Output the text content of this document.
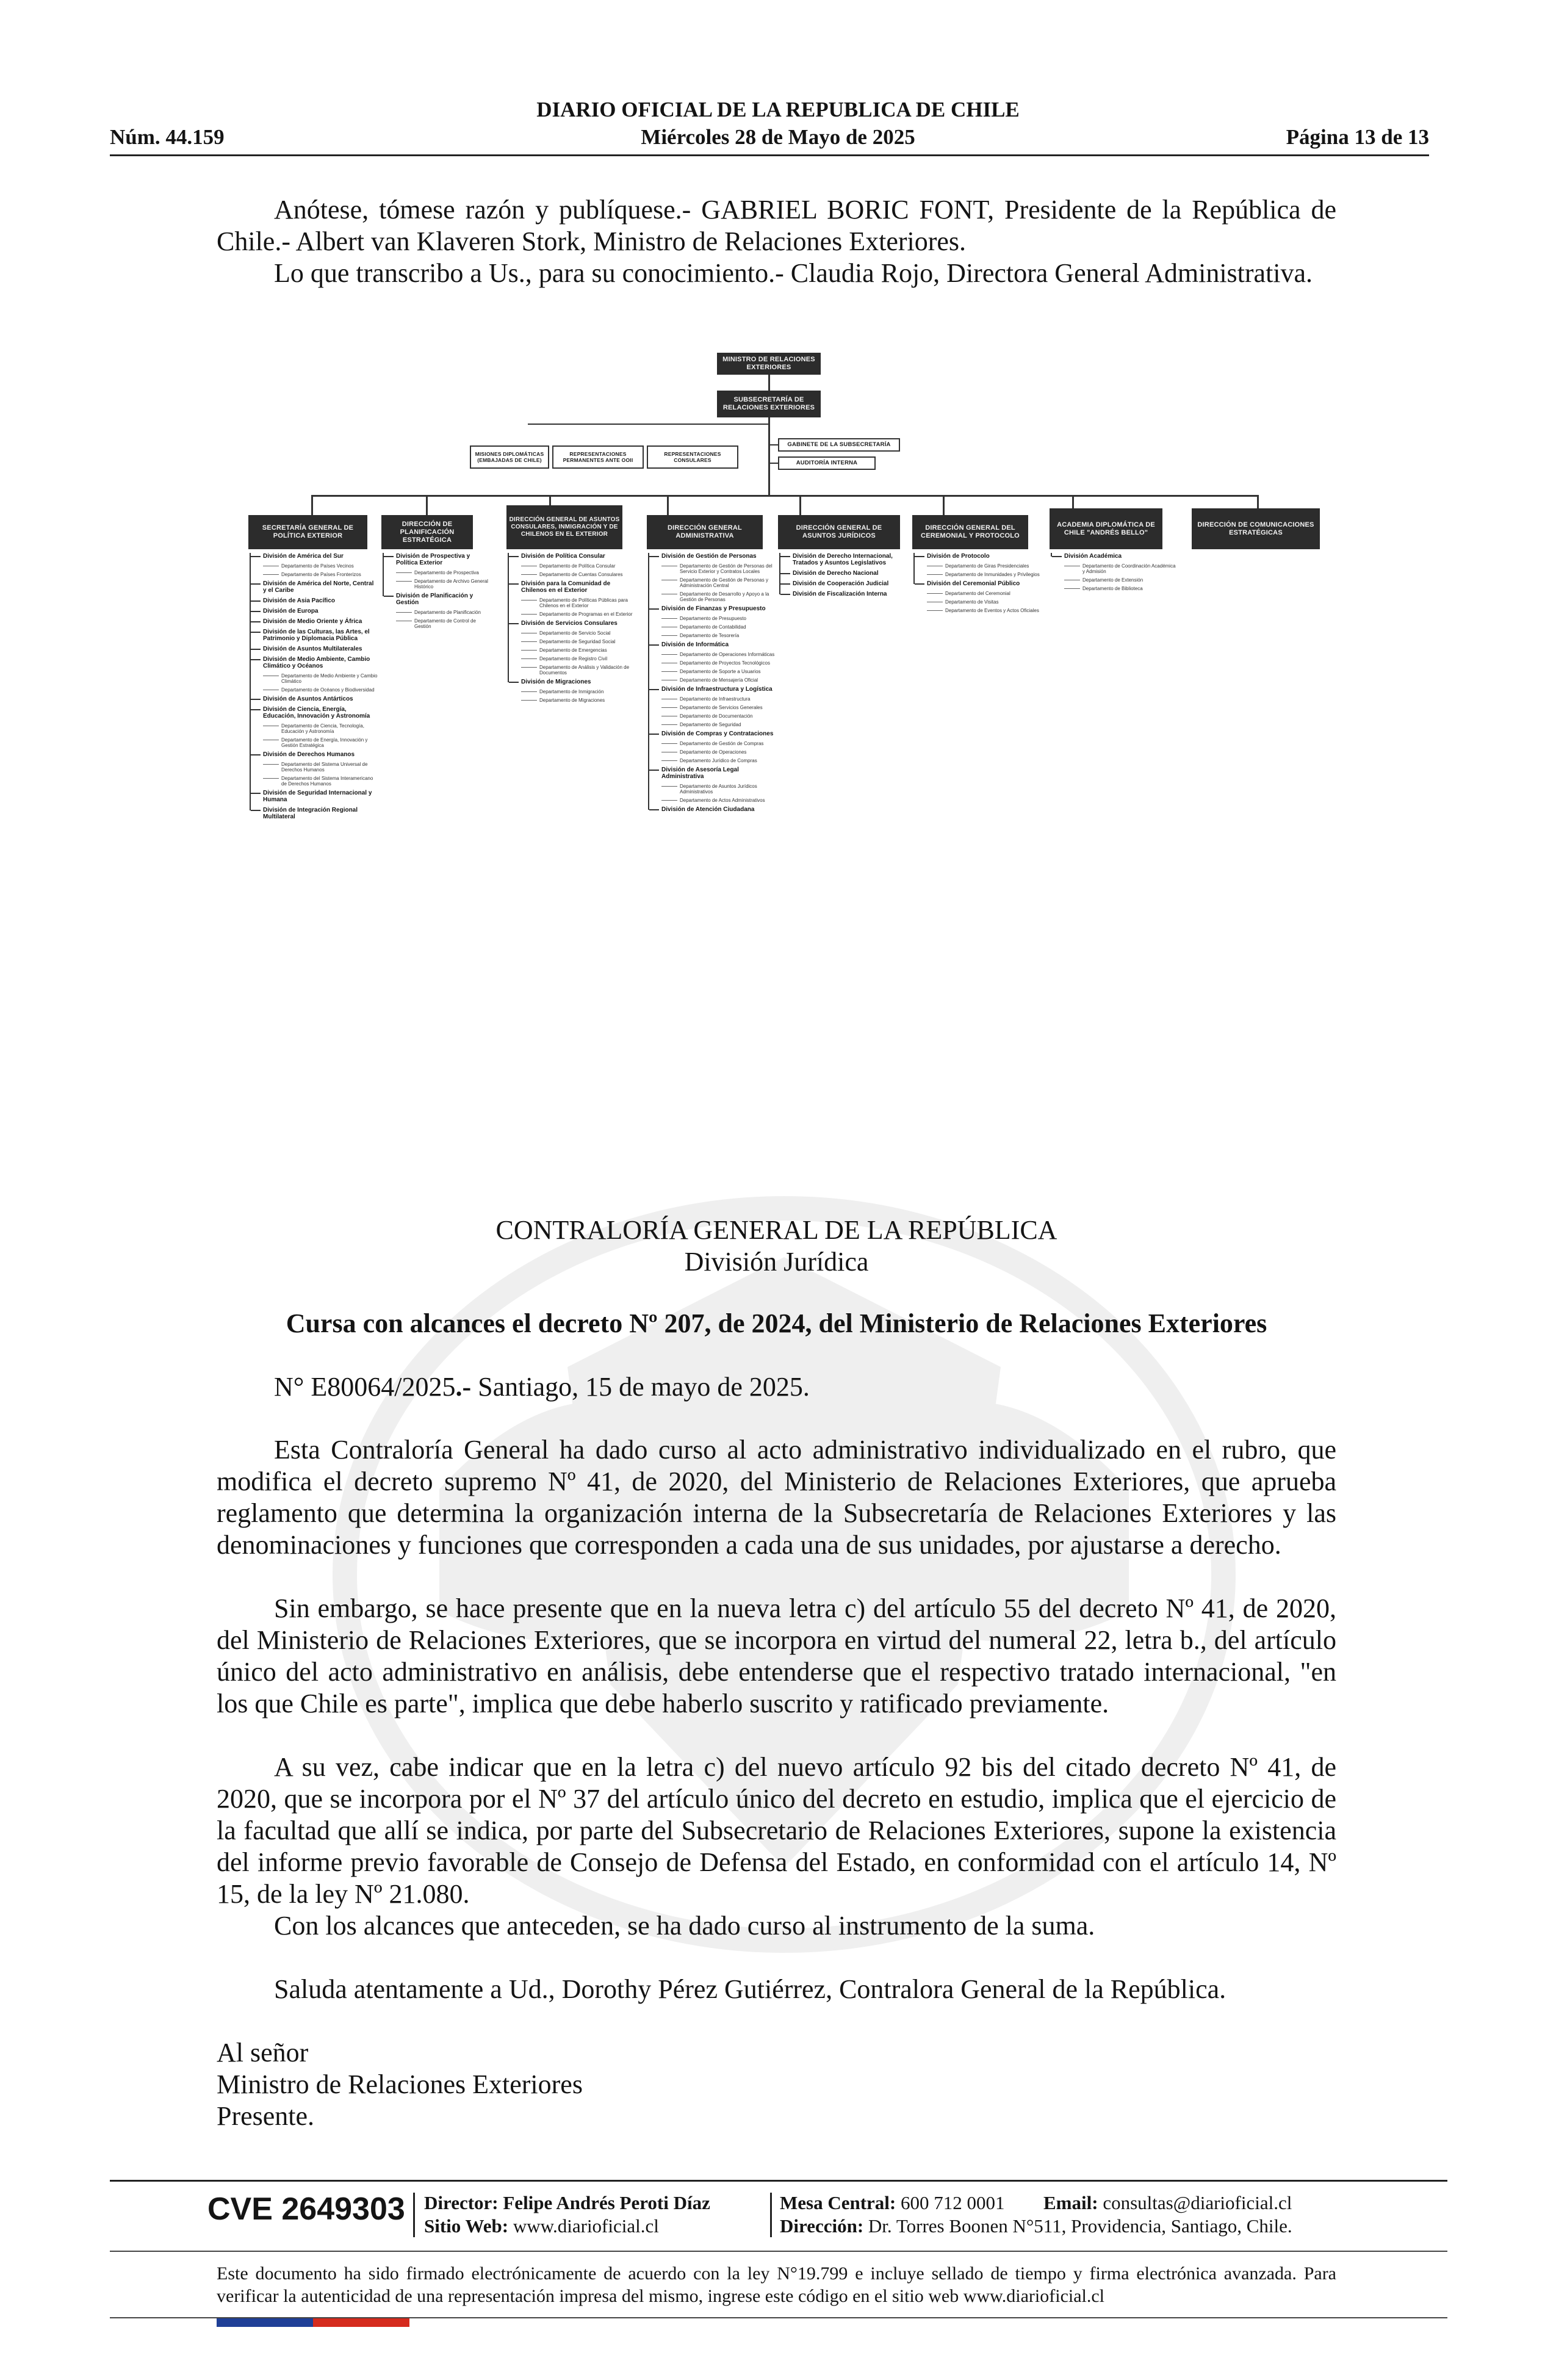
DIARIO OFICIAL DE LA REPUBLICA DE CHILE
Núm. 44.159	Miércoles 28 de Mayo de 2025	Página 13 de 13

Anótese, tómese razón y publíquese.- GABRIEL BORIC FONT, Presidente de la República de Chile.- Albert van Klaveren Stork, Ministro de Relaciones Exteriores.

Lo que transcribo a Us., para su conocimiento.- Claudia Rojo, Directora General Administrativa.

MINISTRO DE RELACIONES EXTERIORES
SUBSECRETARÍA DE RELACIONES EXTERIORES
GABINETE DE LA SUBSECRETARÍA
AUDITORÍA INTERNA
MISIONES DIPLOMÁTICAS (EMBAJADAS DE CHILE)
REPRESENTACIONES PERMANENTES ANTE OOII
REPRESENTACIONES CONSULARES
SECRETARÍA GENERAL DE POLÍTICA EXTERIOR
DIRECCIÓN DE PLANIFICACIÓN ESTRATÉGICA
DIRECCIÓN GENERAL DE ASUNTOS CONSULARES, INMIGRACIÓN Y DE CHILENOS EN EL EXTERIOR
DIRECCIÓN GENERAL ADMINISTRATIVA
DIRECCIÓN GENERAL DE ASUNTOS JURÍDICOS
DIRECCIÓN GENERAL DEL CEREMONIAL Y PROTOCOLO
ACADEMIA DIPLOMÁTICA DE CHILE "ANDRÉS BELLO"
DIRECCIÓN DE COMUNICACIONES ESTRATÉGICAS
División de América del Sur
Departamento de Países Vecinos
Departamento de Países Fronterizos
División de América del Norte, Central y el Caribe
División de Asia Pacífico
División de Europa
División de Medio Oriente y África
División de las Culturas, las Artes, el Patrimonio y Diplomacia Pública
División de Asuntos Multilaterales
División de Medio Ambiente, Cambio Climático y Océanos
Departamento de Medio Ambiente y Cambio Climático
Departamento de Océanos y Biodiversidad
División de Asuntos Antárticos
División de Ciencia, Energía, Educación, Innovación y Astronomía
Departamento de Ciencia, Tecnología, Educación y Astronomía
Departamento de Energía, Innovación y Gestión Estratégica
División de Derechos Humanos
Departamento del Sistema Universal de Derechos Humanos
Departamento del Sistema Interamericano de Derechos Humanos
División de Seguridad Internacional y Humana
División de Integración Regional Multilateral
División de Prospectiva y Política Exterior
Departamento de Prospectiva
Departamento de Archivo General Histórico
División de Planificación y Gestión
Departamento de Planificación
Departamento de Control de Gestión
División de Política Consular
Departamento de Política Consular
Departamento de Cuentas Consulares
División para la Comunidad de Chilenos en el Exterior
Departamento de Políticas Públicas para Chilenos en el Exterior
Departamento de Programas en el Exterior
División de Servicios Consulares
Departamento de Servicio Social
Departamento de Seguridad Social
Departamento de Emergencias
Departamento de Registro Civil
Departamento de Análisis y Validación de Documentos
División de Migraciones
Departamento de Inmigración
Departamento de Migraciones
División de Gestión de Personas
Departamento de Gestión de Personas del Servicio Exterior y Contratos Locales
Departamento de Gestión de Personas y Administración Central
Departamento de Desarrollo y Apoyo a la Gestión de Personas
División de Finanzas y Presupuesto
Departamento de Presupuesto
Departamento de Contabilidad
Departamento de Tesorería
División de Informática
Departamento de Operaciones Informáticas
Departamento de Proyectos Tecnológicos
Departamento de Soporte a Usuarios
Departamento de Mensajería Oficial
División de Infraestructura y Logística
Departamento de Infraestructura
Departamento de Servicios Generales
Departamento de Documentación
Departamento de Seguridad
División de Compras y Contrataciones
Departamento de Gestión de Compras
Departamento de Operaciones
Departamento Jurídico de Compras
División de Asesoría Legal Administrativa
Departamento de Asuntos Jurídicos Administrativos
Departamento de Actos Administrativos
División de Atención Ciudadana
División de Derecho Internacional, Tratados y Asuntos Legislativos
División de Derecho Nacional
División de Cooperación Judicial
División de Fiscalización Interna
División de Protocolo
Departamento de Giras Presidenciales
Departamento de Inmunidades y Privilegios
División del Ceremonial Público
Departamento del Ceremonial
Departamento de Visitas
Departamento de Eventos y Actos Oficiales
División Académica
Departamento de Coordinación Académica y Admisión
Departamento de Extensión
Departamento de Biblioteca
CONTRALORÍA GENERAL DE LA REPÚBLICA
División Jurídica
Cursa con alcances el decreto Nº 207, de 2024, del Ministerio de Relaciones Exteriores
N° E80064/2025.- Santiago, 15 de mayo de 2025.

Esta Contraloría General ha dado curso al acto administrativo individualizado en el rubro, que modifica el decreto supremo Nº 41, de 2020, del Ministerio de Relaciones Exteriores, que aprueba reglamento que determina la organización interna de la Subsecretaría de Relaciones Exteriores y las denominaciones y funciones que corresponden a cada una de sus unidades, por ajustarse a derecho.

Sin embargo, se hace presente que en la nueva letra c) del artículo 55 del decreto Nº 41, de 2020, del Ministerio de Relaciones Exteriores, que se incorpora en virtud del numeral 22, letra b., del artículo único del acto administrativo en análisis, debe entenderse que el respectivo tratado internacional, "en los que Chile es parte", implica que debe haberlo suscrito y ratificado previamente.

A su vez, cabe indicar que en la letra c) del nuevo artículo 92 bis del citado decreto Nº 41, de 2020, que se incorpora por el Nº 37 del artículo único del decreto en estudio, implica que el ejercicio de la facultad que allí se indica, por parte del Subsecretario de Relaciones Exteriores, supone la existencia del informe previo favorable de Consejo de Defensa del Estado, en conformidad con el artículo 14, Nº 15, de la ley Nº 21.080.

Con los alcances que anteceden, se ha dado curso al instrumento de la suma.

Saluda atentamente a Ud., Dorothy Pérez Gutiérrez, Contralora General de la República.

Al señor
Ministro de Relaciones Exteriores
Presente.
CVE 2649303 Director: Felipe Andrés Peroti Díaz
Sitio Web: www.diarioficial.cl
Mesa Central: 600 712 0001 Email: consultas@diarioficial.cl
Dirección: Dr. Torres Boonen N°511, Providencia, Santiago, Chile.

Este documento ha sido firmado electrónicamente de acuerdo con la ley N°19.799 e incluye sellado de tiempo y firma electrónica avanzada. Para verificar la autenticidad de una representación impresa del mismo, ingrese este código en el sitio web www.diarioficial.cl
